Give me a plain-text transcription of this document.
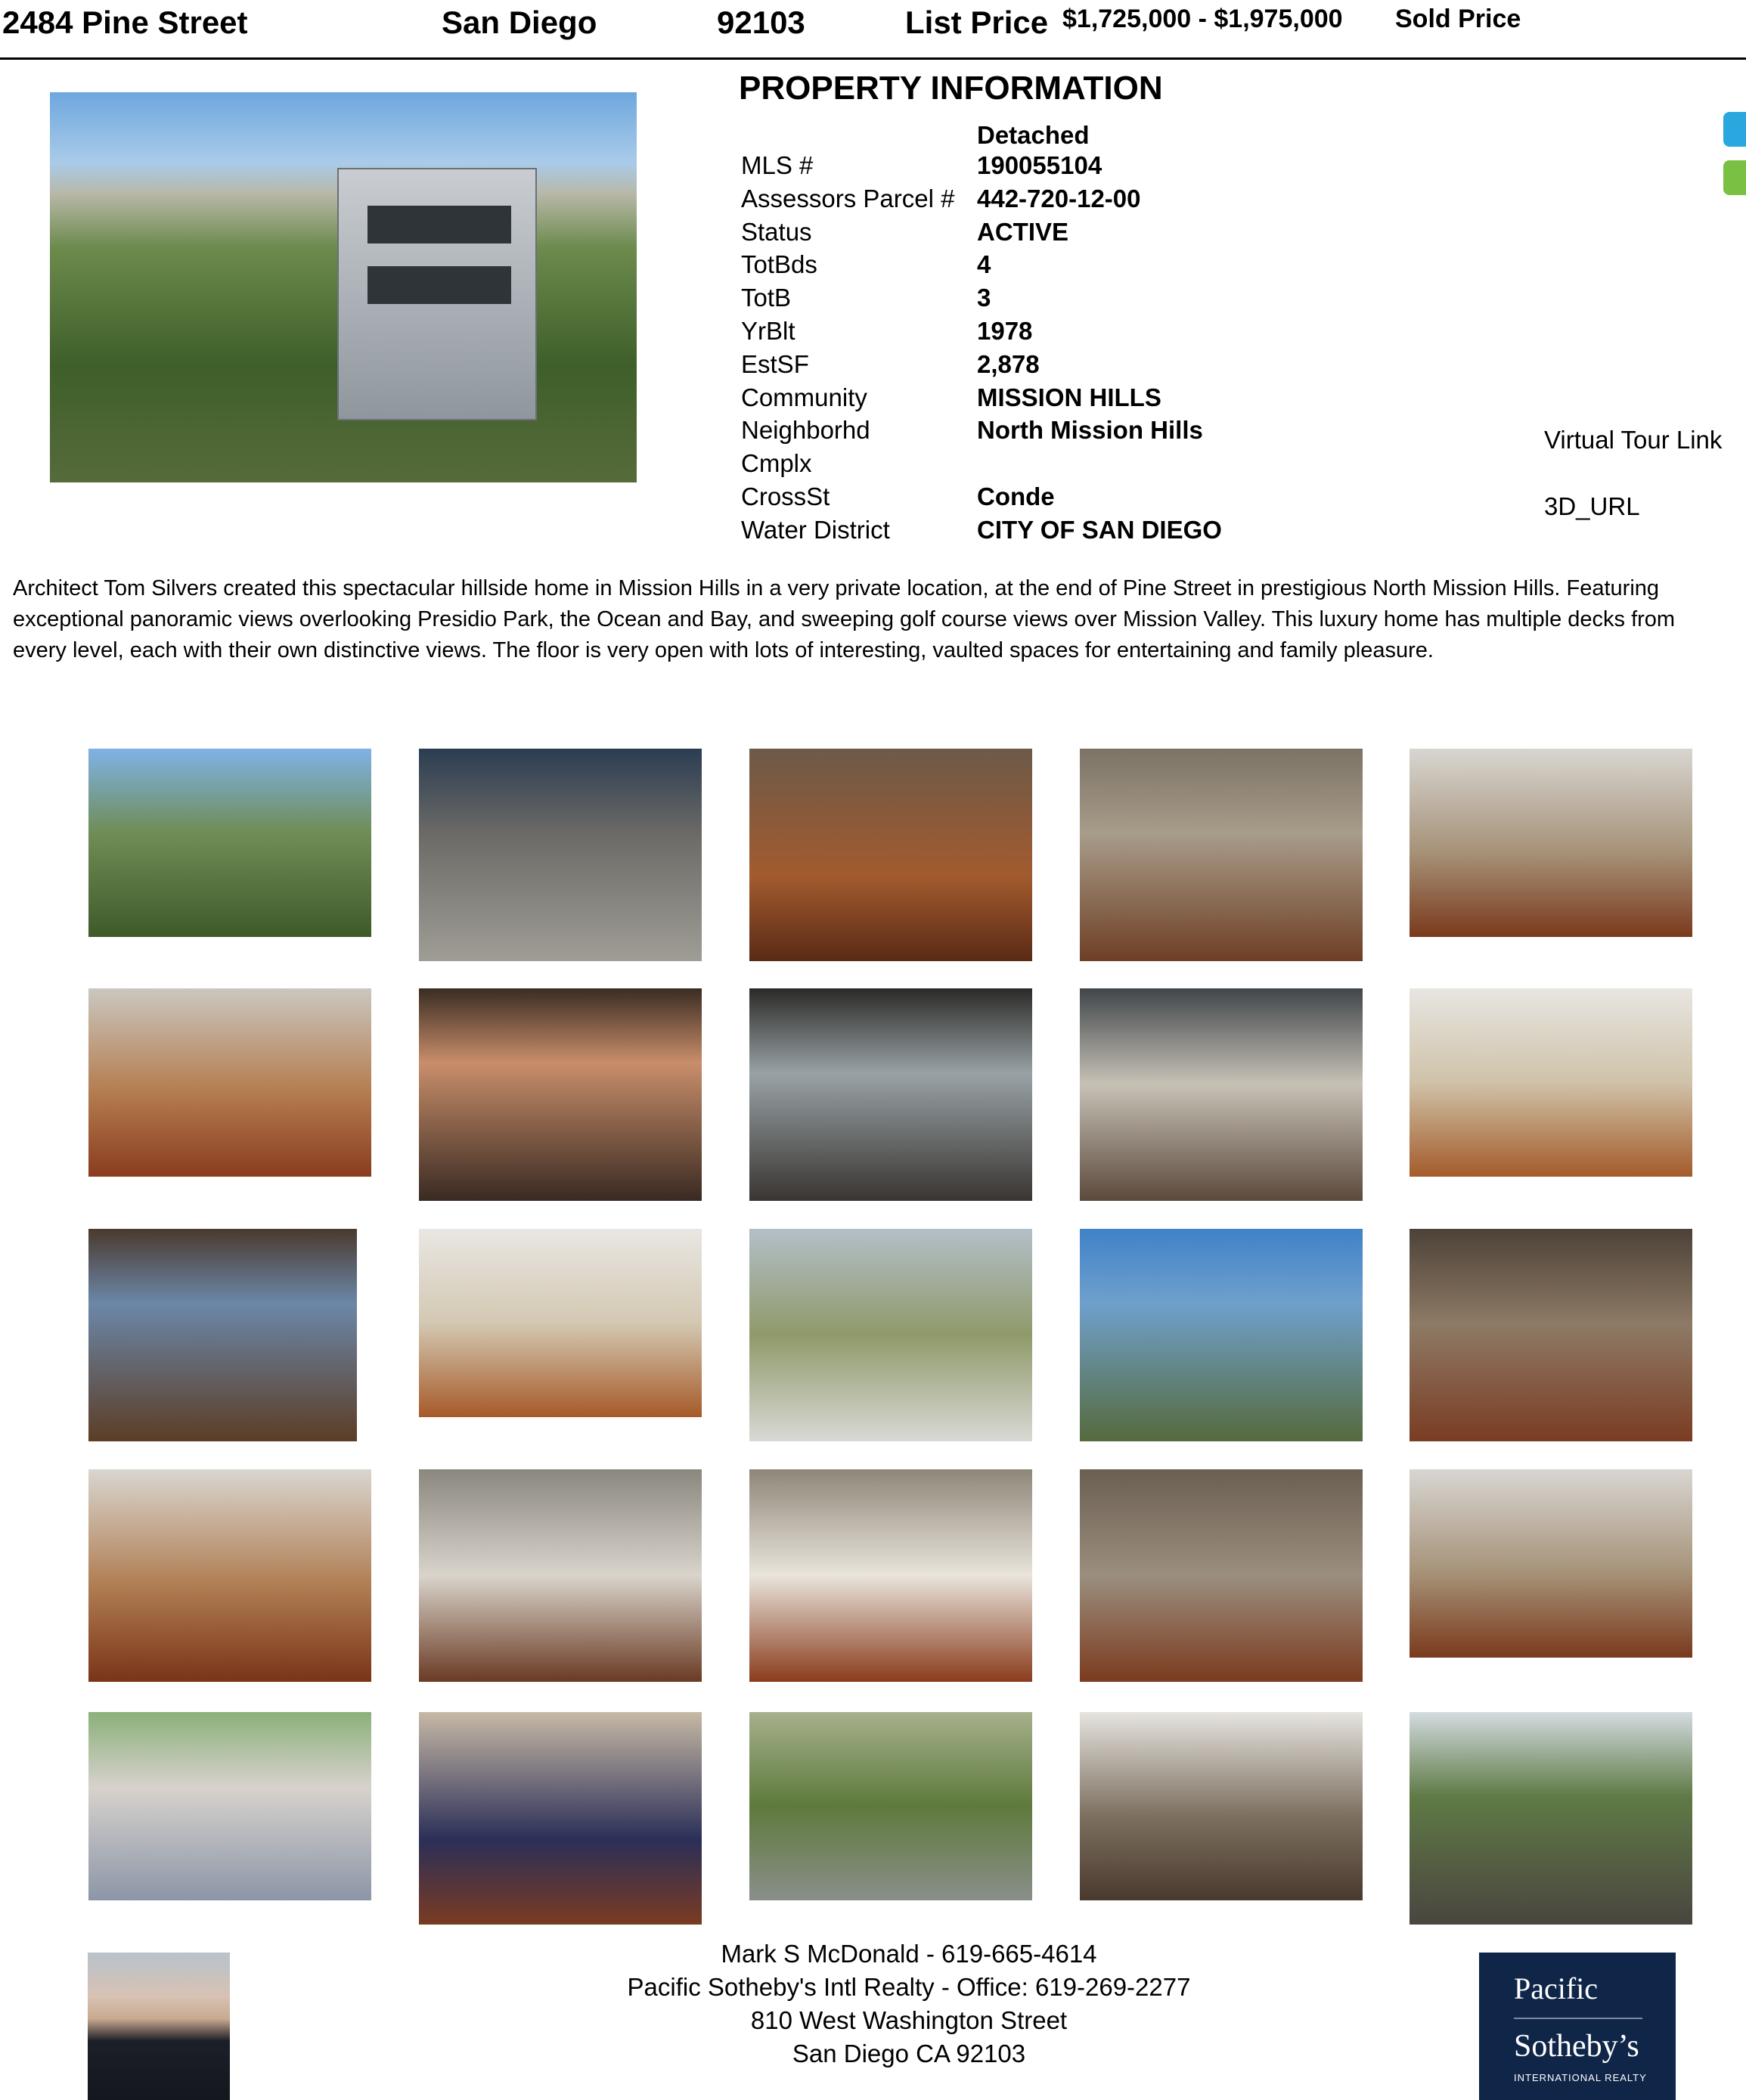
2484 Pine Street	San Diego	92103	List Price $1,725,000 - $1,975,000 Sold Price
PROPERTY INFORMATION
Detached
MLS #	190055104
Assessors Parcel # 442-720-12-00
Status	ACTIVE
TotBds	4
TotB	3
YrBlt	1978
EstSF	2,878
Community	MISSION HILLS
Neighborhd	North Mission Hills
Cmplx
CrossSt	Conde
Water District	CITY OF SAN DIEGO
Virtual Tour Link
3D_URL
Architect Tom Silvers created this spectacular hillside home in Mission Hills in a very private location, at the end of Pine Street in prestigious North Mission Hills. Featuring exceptional panoramic views overlooking Presidio Park, the Ocean and Bay, and sweeping golf course views over Mission Valley. This luxury home has multiple decks from every level, each with their own distinctive views. The floor is very open with lots of interesting, vaulted spaces for entertaining and family pleasure.
Mark S McDonald - 619-665-4614
Pacific Sotheby's Intl Realty - Office: 619-269-2277
810 West Washington Street
San Diego CA 92103
Pacific
Sotheby’s
INTERNATIONAL REALTY
